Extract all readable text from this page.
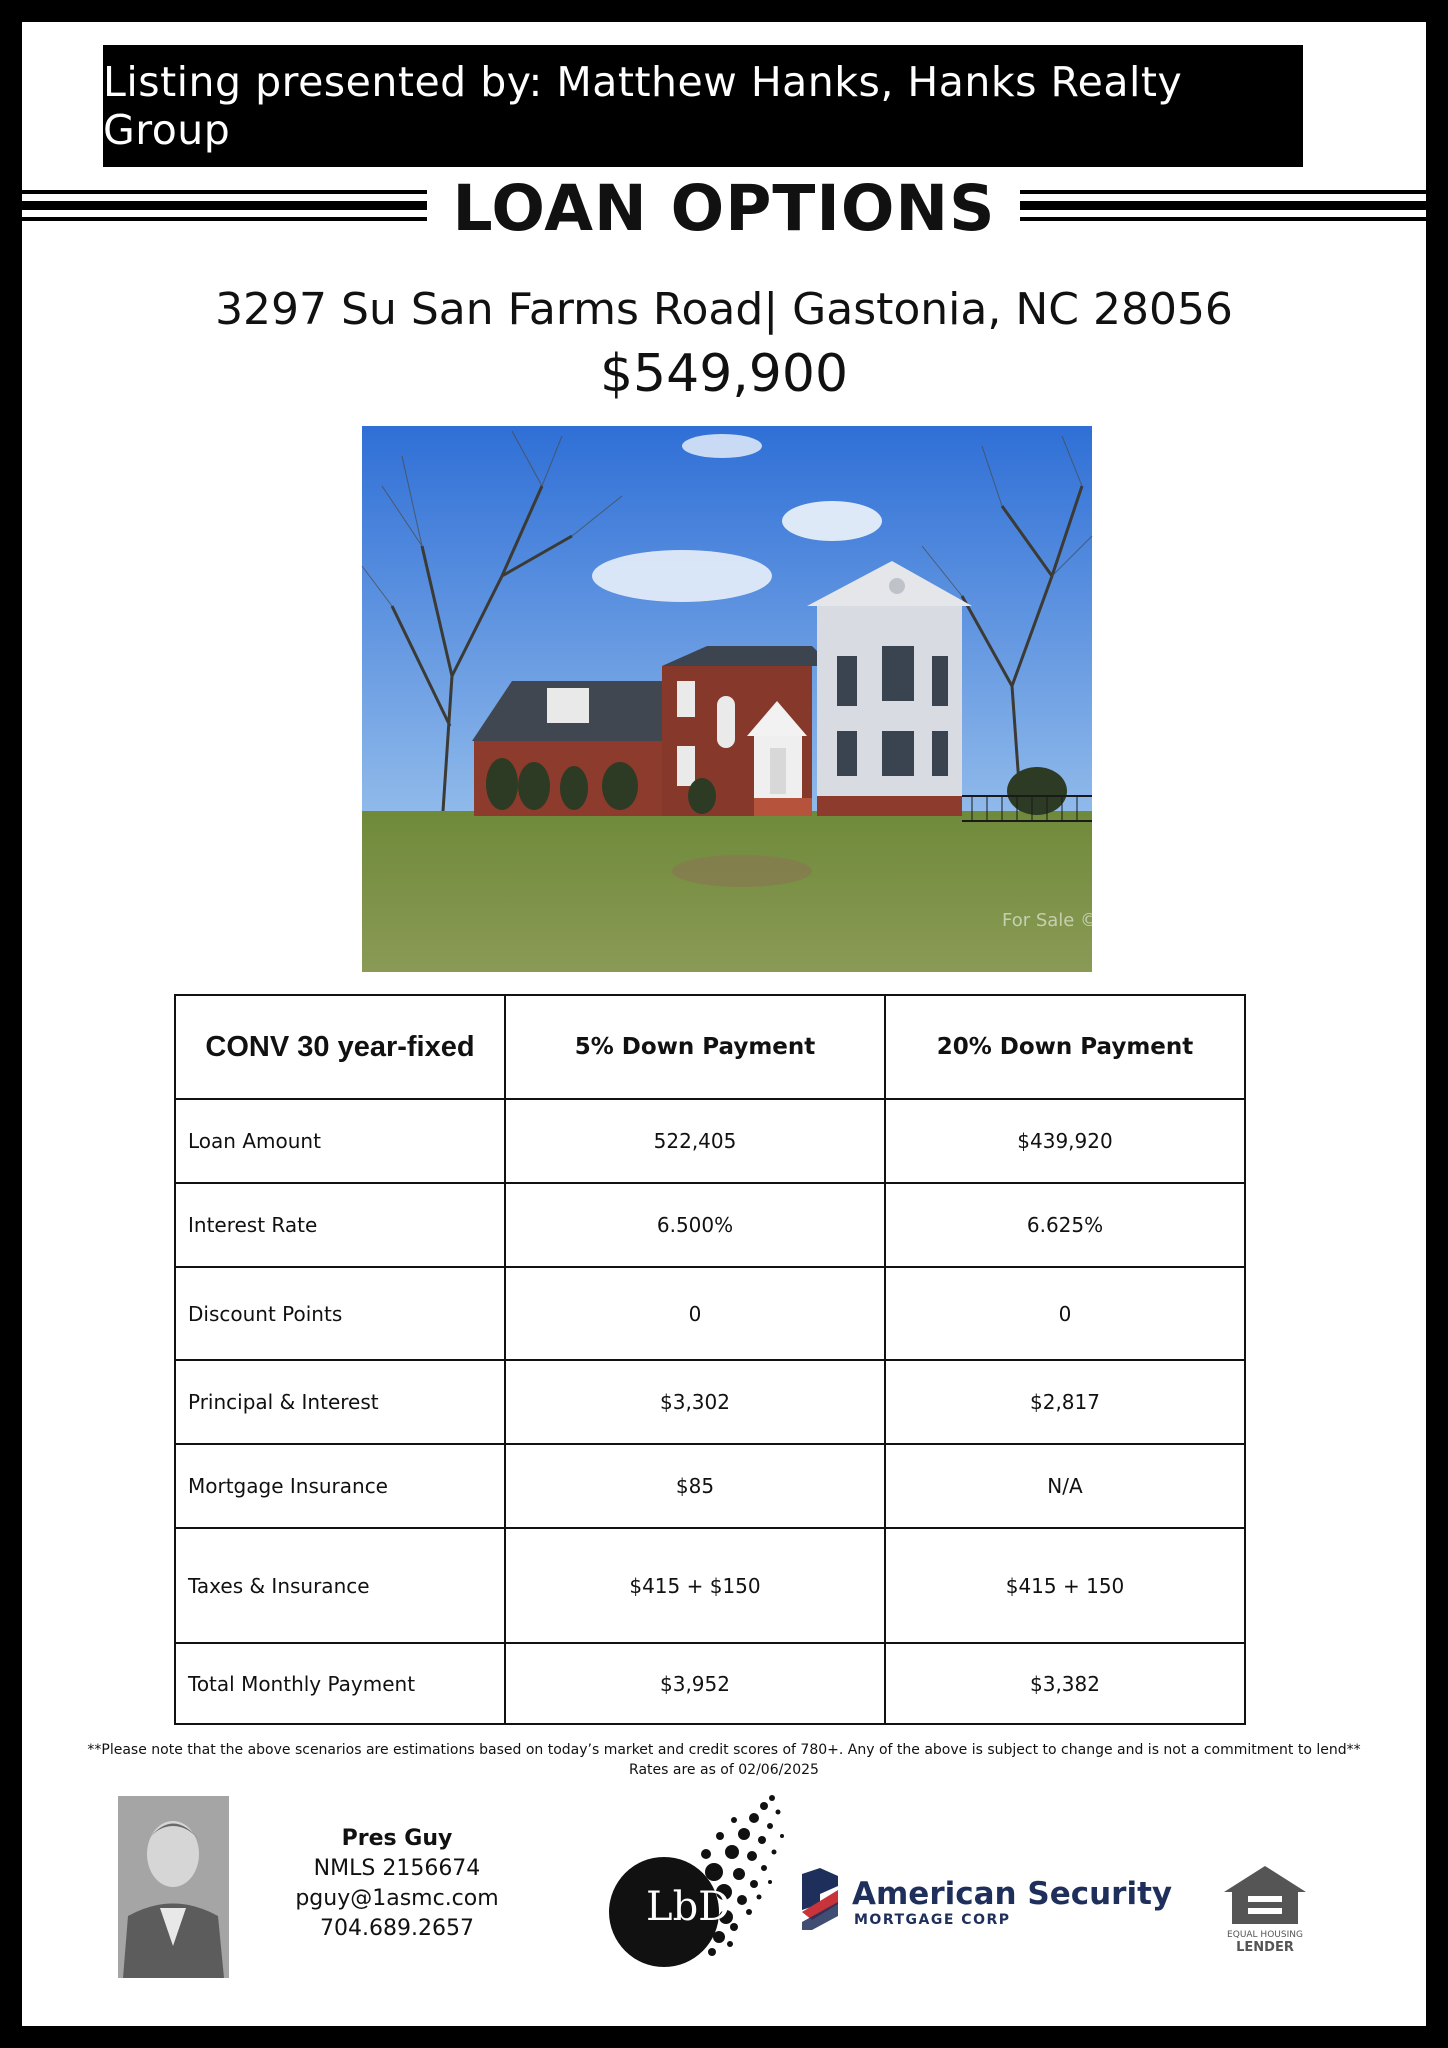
Listing presented by: Matthew Hanks, Hanks Realty Group
LOAN OPTIONS
3297 Su San Farms Road| Gastonia, NC 28056
$549,900
For Sale ©2025
CONV 30 year-fixed	5% Down Payment	20% Down Payment
Loan Amount	522,405	$439,920
Interest Rate	6.500%	6.625%
Discount Points	0	0
Principal & Interest	$3,302	$2,817
Mortgage Insurance	$85	N/A
Taxes & Insurance	$415 + $150	$415 + 150
Total Monthly Payment	$3,952	$3,382
**Please note that the above scenarios are estimations based on today’s market and credit scores of 780+. Any of the above is subject to change and is not a commitment to lend**
Rates are as of 02/06/2025
Pres Guy
NMLS 2156674
pguy@1asmc.com
704.689.2657	LbD	American Security
MORTGAGE CORP
EQUAL HOUSING
LENDER
